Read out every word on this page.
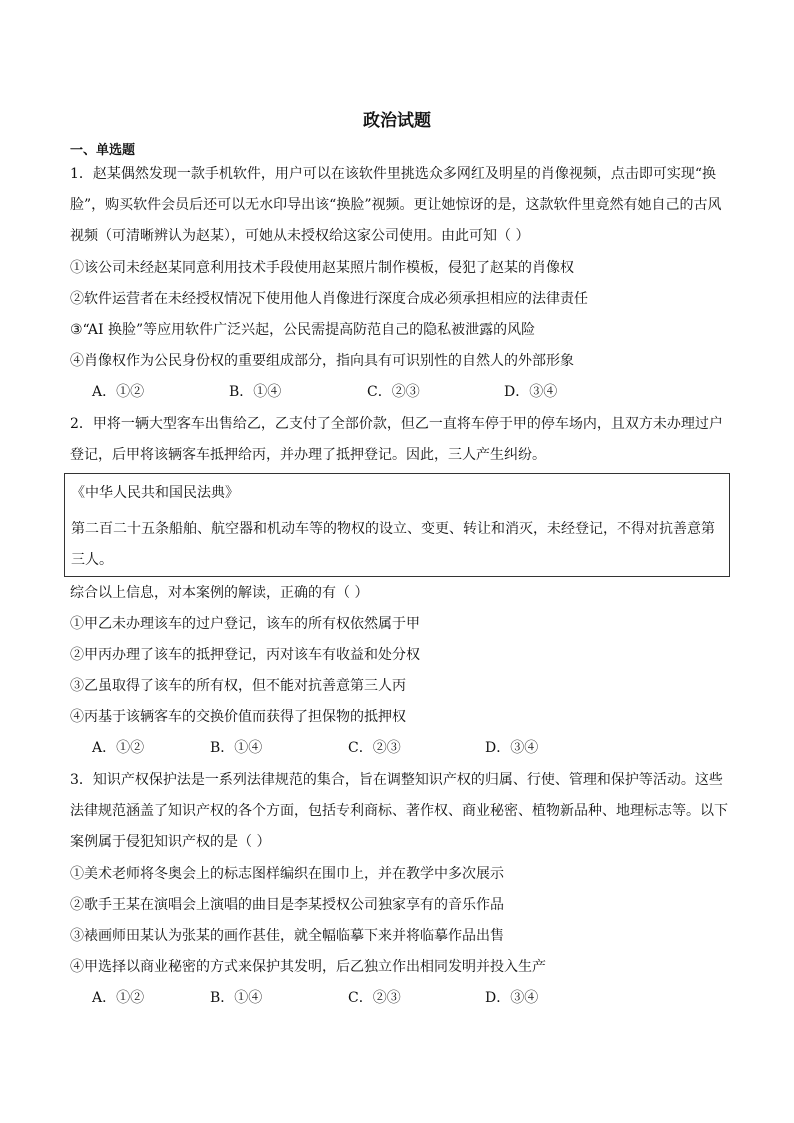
政治试题
一、单选题
1．赵某偶然发现一款手机软件，用户可以在该软件里挑选众多网红及明星的肖像视频，点击即可实现“换脸”，购买软件会员后还可以无水印导出该“换脸”视频。更让她惊讶的是，这款软件里竟然有她自己的古风视频（可清晰辨认为赵某），可她从未授权给这家公司使用。由此可知（ ）
①该公司未经赵某同意利用技术手段使用赵某照片制作模板，侵犯了赵某的肖像权
②软件运营者在未经授权情况下使用他人肖像进行深度合成必须承担相应的法律责任
③“AI 换脸”等应用软件广泛兴起，公民需提高防范自己的隐私被泄露的风险
④肖像权作为公民身份权的重要组成部分，指向具有可识别性的自然人的外部形象
A．①②	B．①④	C．②③	D．③④
2．甲将一辆大型客车出售给乙，乙支付了全部价款，但乙一直将车停于甲的停车场内，且双方未办理过户登记，后甲将该辆客车抵押给丙，并办理了抵押登记。因此，三人产生纠纷。
《中华人民共和国民法典》
第二百二十五条船舶、航空器和机动车等的物权的设立、变更、转让和消灭，未经登记，不得对抗善意第三人。
综合以上信息，对本案例的解读，正确的有（ ）
①甲乙未办理该车的过户登记，该车的所有权依然属于甲
②甲丙办理了该车的抵押登记，丙对该车有收益和处分权
③乙虽取得了该车的所有权，但不能对抗善意第三人丙
④丙基于该辆客车的交换价值而获得了担保物的抵押权
A．①②	B．①④	C．②③	D．③④
3．知识产权保护法是一系列法律规范的集合，旨在调整知识产权的归属、行使、管理和保护等活动。这些法律规范涵盖了知识产权的各个方面，包括专利商标、著作权、商业秘密、植物新品种、地理标志等。以下案例属于侵犯知识产权的是（ ）
①美术老师将冬奥会上的标志图样编织在围巾上，并在教学中多次展示
②歌手王某在演唱会上演唱的曲目是李某授权公司独家享有的音乐作品
③裱画师田某认为张某的画作甚佳，就全幅临摹下来并将临摹作品出售
④甲选择以商业秘密的方式来保护其发明，后乙独立作出相同发明并投入生产
A．①②	B．①④	C．②③	D．③④
